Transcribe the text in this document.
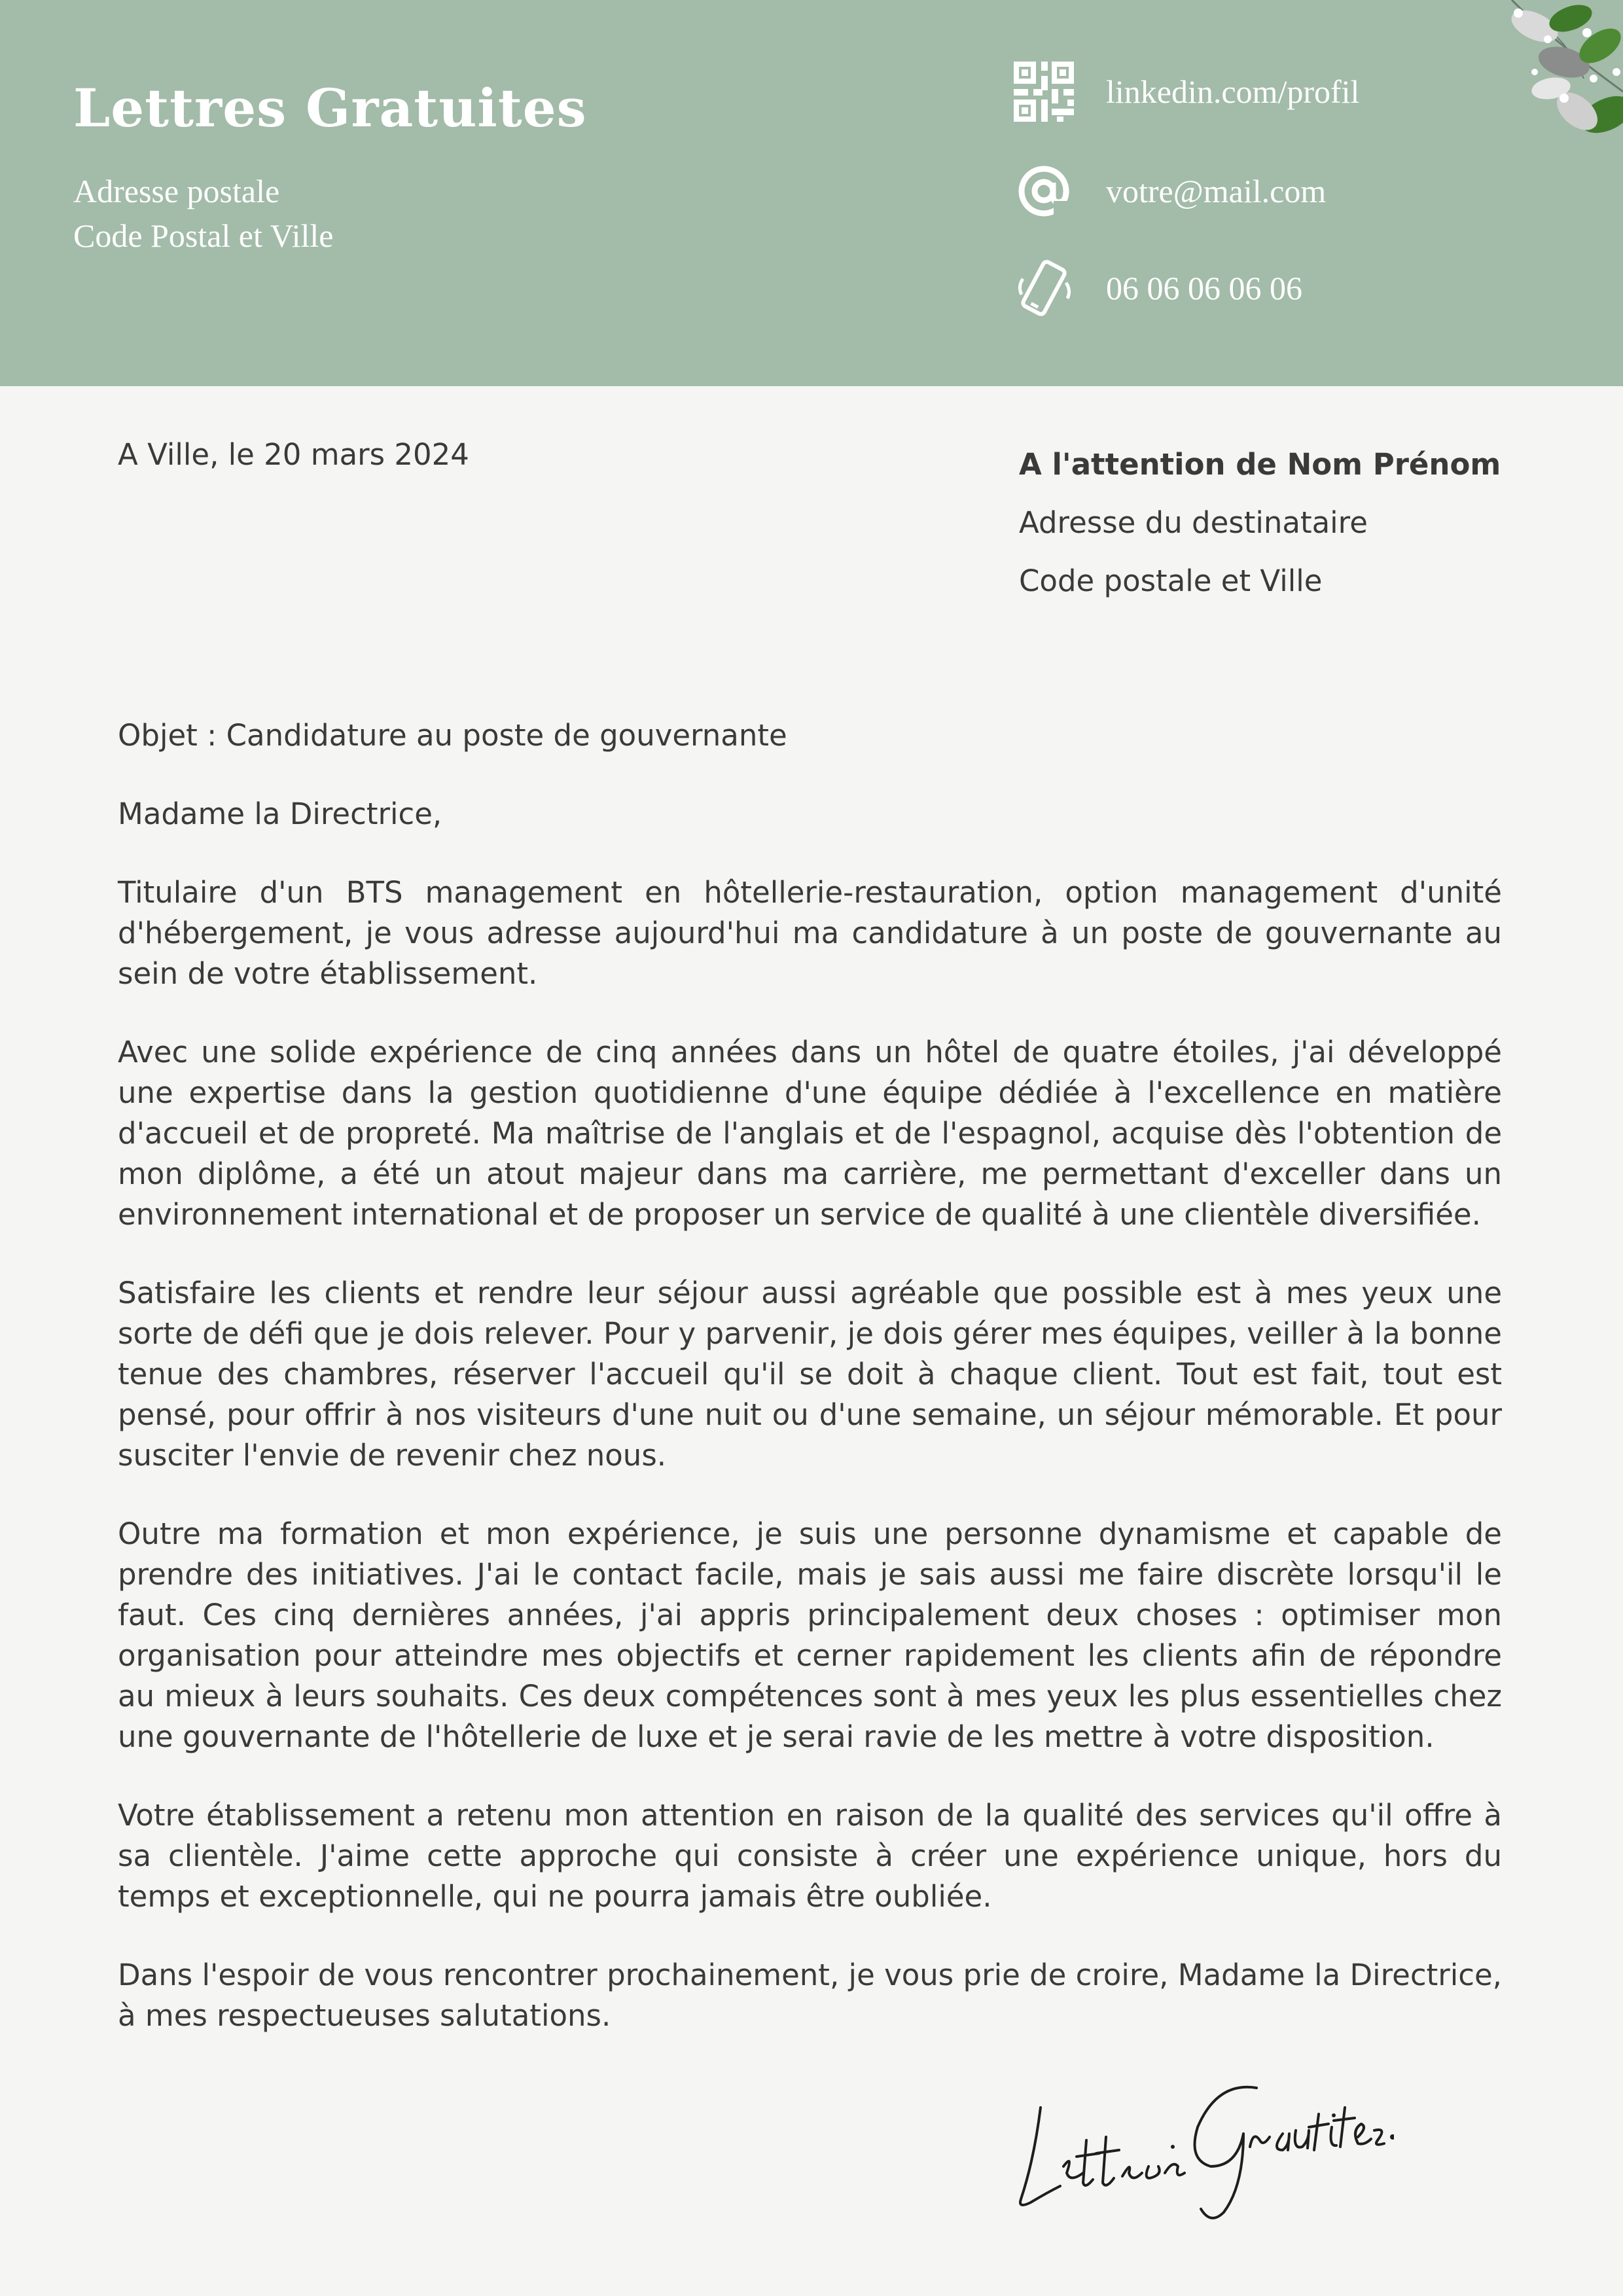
Lettres Gratuites
Adresse postale
Code Postal et Ville
linkedin.com/profil
votre@mail.com
06 06 06 06 06
A Ville, le 20 mars 2024	A l'attention de Nom Prénom
Adresse du destinataire
Code postale et Ville

Objet : Candidature au poste de gouvernante

Madame la Directrice,

Titulaire d'un BTS management en hôtellerie-restauration, option management d'unité d'hébergement, je vous adresse aujourd'hui ma candidature à un poste de gouvernante au sein de votre établissement.

Avec une solide expérience de cinq années dans un hôtel de quatre étoiles, j'ai développé une expertise dans la gestion quotidienne d'une équipe dédiée à l'excellence en matière d'accueil et de propreté. Ma maîtrise de l'anglais et de l'espagnol, acquise dès l'obtention de mon diplôme, a été un atout majeur dans ma carrière, me permettant d'exceller dans un environnement international et de proposer un service de qualité à une clientèle diversifiée.

Satisfaire les clients et rendre leur séjour aussi agréable que possible est à mes yeux une sorte de défi que je dois relever. Pour y parvenir, je dois gérer mes équipes, veiller à la bonne tenue des chambres, réserver l'accueil qu'il se doit à chaque client. Tout est fait, tout est pensé, pour offrir à nos visiteurs d'une nuit ou d'une semaine, un séjour mémorable. Et pour susciter l'envie de revenir chez nous.

Outre ma formation et mon expérience, je suis une personne dynamisme et capable de prendre des initiatives. J'ai le contact facile, mais je sais aussi me faire discrète lorsqu'il le faut. Ces cinq dernières années, j'ai appris principalement deux choses : optimiser mon organisation pour atteindre mes objectifs et cerner rapidement les clients afin de répondre au mieux à leurs souhaits. Ces deux compétences sont à mes yeux les plus essentielles chez une gouvernante de l'hôtellerie de luxe et je serai ravie de les mettre à votre disposition.

Votre établissement a retenu mon attention en raison de la qualité des services qu'il offre à sa clientèle. J'aime cette approche qui consiste à créer une expérience unique, hors du temps et exceptionnelle, qui ne pourra jamais être oubliée.

Dans l'espoir de vous rencontrer prochainement, je vous prie de croire, Madame la Directrice, à mes respectueuses salutations.
